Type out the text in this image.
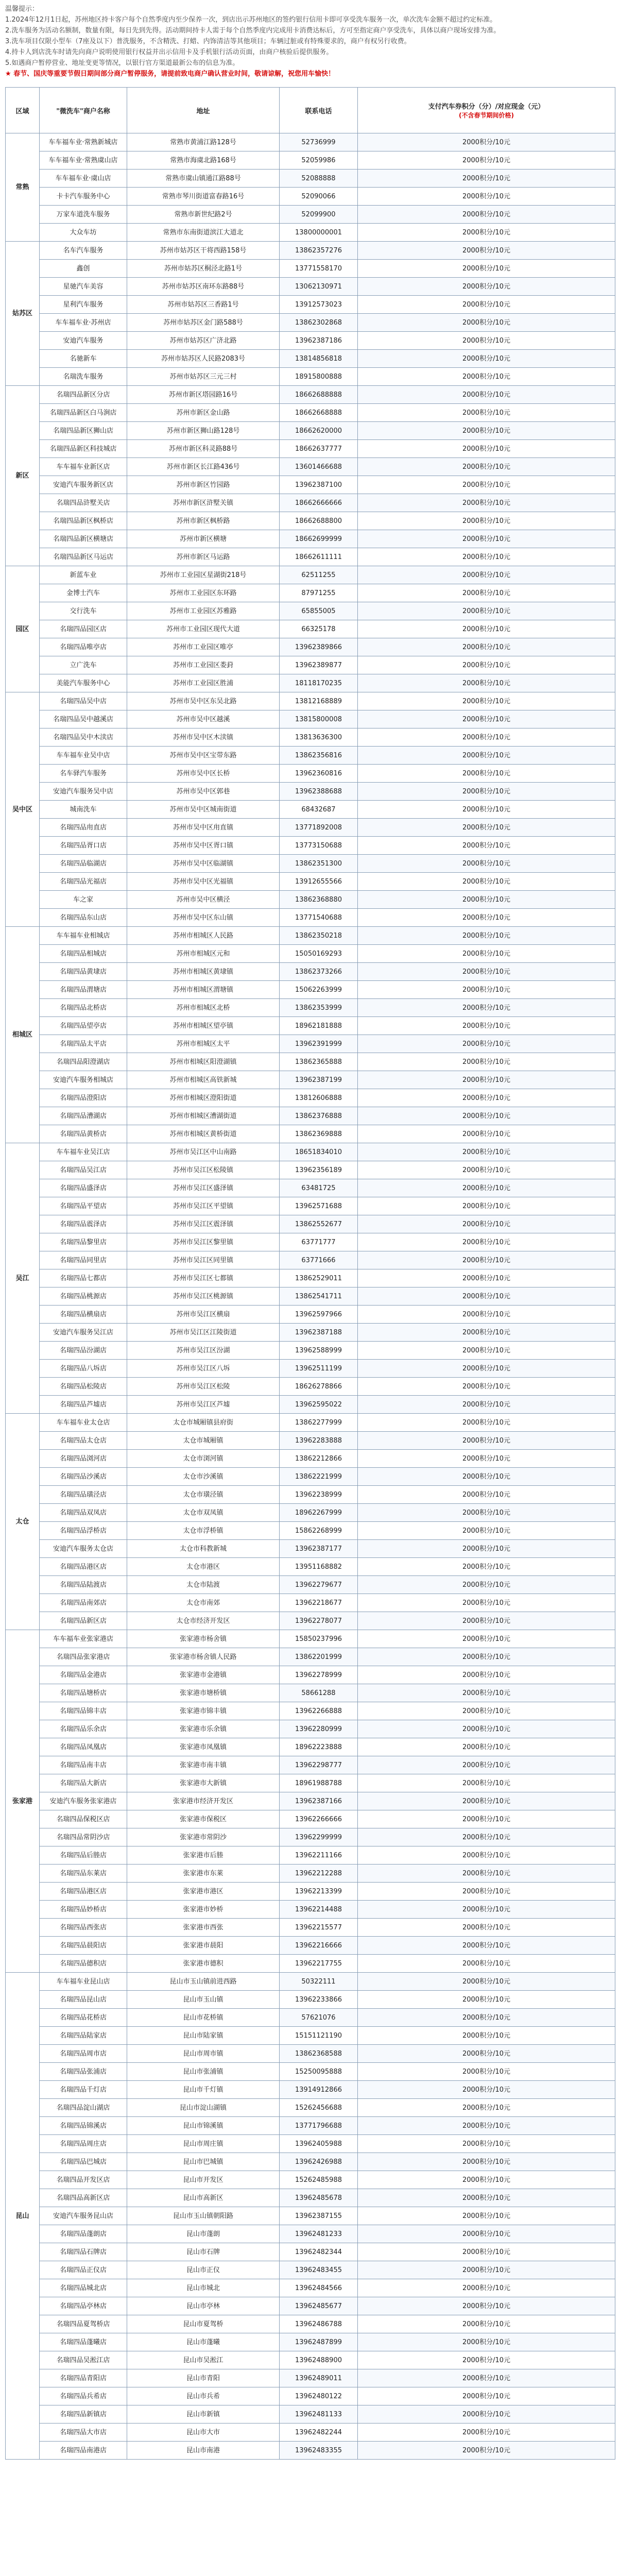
温馨提示：

1.2024年12月1日起，苏州地区持卡客户每个自然季度内至少保养一次，到店出示苏州地区的签约银行信用卡即可享受洗车服务一次，单次洗车金额不超过约定标准。

2.洗车服务为活动名额制，数量有限，每日先到先得。活动期间持卡人需于每个自然季度内完成用卡消费达标后，方可至指定商户享受洗车，具体以商户现场安排为准。

3.洗车项目仅限小型车（7座及以下）普洗服务，不含精洗、打蜡、内饰清洁等其他项目；车辆过脏或有特殊要求的，商户有权另行收费。

4.持卡人到店洗车时请先向商户说明使用银行权益并出示信用卡及手机银行活动页面，由商户核验后提供服务。

5.如遇商户暂停营业、地址变更等情况，以银行官方渠道最新公布的信息为准。

★ 春节、国庆等重要节假日期间部分商户暂停服务，请提前致电商户确认营业时间，敬请谅解，祝您用车愉快！

区域	"微洗车"商户名称	地址	联系电话	支付汽车券积分（分）/对应现金（元）
(不含春节期间价格)

常熟	车车福车业·常熟新城店	常熟市黄浦江路128号	52736999	2000积分/10元
	车车福车业·常熟虞山店	常熟市海虞北路168号	52059986	2000积分/10元
	车车福车业·虞山店	常熟市虞山镇通江路88号	52088888	2000积分/10元
	卡卡汽车服务中心	常熟市琴川街道富春路16号	52090066	2000积分/10元
	万家车道洗车服务	常熟市新世纪路2号	52099900	2000积分/10元
	大众车坊	常熟市东南街道滨江大道北	13800000001	2000积分/10元
姑苏区	名车汽车服务	苏州市姑苏区干将西路158号	13862357276	2000积分/10元
	鑫创	苏州市姑苏区桐泾北路1号	13771558170	2000积分/10元
	星驰汽车美容	苏州市姑苏区南环东路88号	13062130971	2000积分/10元
	星利汽车服务	苏州市姑苏区三香路1号	13912573023	2000积分/10元
	车车福车业·苏州店	苏州市姑苏区金门路588号	13862302868	2000积分/10元
	安迪汽车服务	苏州市姑苏区广济北路	13962387186	2000积分/10元
	名驰新车	苏州市姑苏区人民路2083号	13814856818	2000积分/10元
	名瑞洗车服务	苏州市姑苏区三元三村	18915800888	2000积分/10元
新区	名瑞四品新区分店	苏州市新区塔园路16号	18662688888	2000积分/10元
	名瑞四品新区白马涧店	苏州市新区金山路	18662668888	2000积分/10元
	名瑞四品新区狮山店	苏州市新区狮山路128号	18662620000	2000积分/10元
	名瑞四品新区科技城店	苏州市新区科灵路88号	18662637777	2000积分/10元
	车车福车业新区店	苏州市新区长江路436号	13601466688	2000积分/10元
	安迪汽车服务新区店	苏州市新区竹园路	13962387100	2000积分/10元
	名瑞四品浒墅关店	苏州市新区浒墅关镇	18662666666	2000积分/10元
	名瑞四品新区枫桥店	苏州市新区枫桥路	18662688800	2000积分/10元
	名瑞四品新区横塘店	苏州市新区横塘	18662699999	2000积分/10元
	名瑞四品新区马运店	苏州市新区马运路	18662611111	2000积分/10元
园区	新蓝车业	苏州市工业园区星湖街218号	62511255	2000积分/10元
	金博士汽车	苏州市工业园区东环路	87971255	2000积分/10元
	交行洗车	苏州市工业园区苏雅路	65855005	2000积分/10元
	名瑞四品园区店	苏州市工业园区现代大道	66325178	2000积分/10元
	名瑞四品唯亭店	苏州市工业园区唯亭	13962389866	2000积分/10元
	立广洗车	苏州市工业园区娄葑	13962389877	2000积分/10元
	美能汽车服务中心	苏州市工业园区胜浦	18118170235	2000积分/10元
吴中区	名瑞四品吴中店	苏州市吴中区东吴北路	13812168889	2000积分/10元
	名瑞四品吴中越溪店	苏州市吴中区越溪	13815800008	2000积分/10元
	名瑞四品吴中木渎店	苏州市吴中区木渎镇	13813636300	2000积分/10元
	车车福车业吴中店	苏州市吴中区宝带东路	13862356816	2000积分/10元
	名车驿汽车服务	苏州市吴中区长桥	13962360816	2000积分/10元
	安迪汽车服务吴中店	苏州市吴中区郭巷	13962388688	2000积分/10元
	城南洗车	苏州市吴中区城南街道	68432687	2000积分/10元
	名瑞四品甪直店	苏州市吴中区甪直镇	13771892008	2000积分/10元
	名瑞四品胥口店	苏州市吴中区胥口镇	13773150688	2000积分/10元
	名瑞四品临湖店	苏州市吴中区临湖镇	13862351300	2000积分/10元
	名瑞四品光福店	苏州市吴中区光福镇	13912655566	2000积分/10元
	车之家	苏州市吴中区横泾	13862368880	2000积分/10元
	名瑞四品东山店	苏州市吴中区东山镇	13771540688	2000积分/10元
相城区	车车福车业相城店	苏州市相城区人民路	13862350218	2000积分/10元
	名瑞四品相城店	苏州市相城区元和	15050169293	2000积分/10元
	名瑞四品黄埭店	苏州市相城区黄埭镇	13862373266	2000积分/10元
	名瑞四品渭塘店	苏州市相城区渭塘镇	15062263999	2000积分/10元
	名瑞四品北桥店	苏州市相城区北桥	13862353999	2000积分/10元
	名瑞四品望亭店	苏州市相城区望亭镇	18962181888	2000积分/10元
	名瑞四品太平店	苏州市相城区太平	13962391999	2000积分/10元
	名瑞四品阳澄湖店	苏州市相城区阳澄湖镇	13862365888	2000积分/10元
	安迪汽车服务相城店	苏州市相城区高铁新城	13962387199	2000积分/10元
	名瑞四品澄阳店	苏州市相城区澄阳街道	13812606888	2000积分/10元
	名瑞四品漕湖店	苏州市相城区漕湖街道	13862376888	2000积分/10元
	名瑞四品黄桥店	苏州市相城区黄桥街道	13862369888	2000积分/10元
吴江	车车福车业吴江店	苏州市吴江区中山南路	18651834010	2000积分/10元
	名瑞四品吴江店	苏州市吴江区松陵镇	13962356189	2000积分/10元
	名瑞四品盛泽店	苏州市吴江区盛泽镇	63481725	2000积分/10元
	名瑞四品平望店	苏州市吴江区平望镇	13962571688	2000积分/10元
	名瑞四品震泽店	苏州市吴江区震泽镇	13862552677	2000积分/10元
	名瑞四品黎里店	苏州市吴江区黎里镇	63771777	2000积分/10元
	名瑞四品同里店	苏州市吴江区同里镇	63771666	2000积分/10元
	名瑞四品七都店	苏州市吴江区七都镇	13862529011	2000积分/10元
	名瑞四品桃源店	苏州市吴江区桃源镇	13862541711	2000积分/10元
	名瑞四品横扇店	苏州市吴江区横扇	13962597966	2000积分/10元
	安迪汽车服务吴江店	苏州市吴江区江陵街道	13962387188	2000积分/10元
	名瑞四品汾湖店	苏州市吴江区汾湖	13962588999	2000积分/10元
	名瑞四品八坼店	苏州市吴江区八坼	13962511199	2000积分/10元
	名瑞四品松陵店	苏州市吴江区松陵	18626278866	2000积分/10元
	名瑞四品芦墟店	苏州市吴江区芦墟	13962595022	2000积分/10元
太仓	车车福车业太仓店	太仓市城厢镇县府街	13862277999	2000积分/10元
	名瑞四品太仓店	太仓市城厢镇	13962283888	2000积分/10元
	名瑞四品浏河店	太仓市浏河镇	13862212866	2000积分/10元
	名瑞四品沙溪店	太仓市沙溪镇	13862221999	2000积分/10元
	名瑞四品璜泾店	太仓市璜泾镇	13962238999	2000积分/10元
	名瑞四品双凤店	太仓市双凤镇	18962267999	2000积分/10元
	名瑞四品浮桥店	太仓市浮桥镇	15862268999	2000积分/10元
	安迪汽车服务太仓店	太仓市科教新城	13962387177	2000积分/10元
	名瑞四品港区店	太仓市港区	13951168882	2000积分/10元
	名瑞四品陆渡店	太仓市陆渡	13962279677	2000积分/10元
	名瑞四品南郊店	太仓市南郊	13962218677	2000积分/10元
	名瑞四品新区店	太仓市经济开发区	13962278077	2000积分/10元
张家港	车车福车业张家港店	张家港市杨舍镇	15850237996	2000积分/10元
	名瑞四品张家港店	张家港市杨舍镇人民路	13862201999	2000积分/10元
	名瑞四品金港店	张家港市金港镇	13962278999	2000积分/10元
	名瑞四品塘桥店	张家港市塘桥镇	58661288	2000积分/10元
	名瑞四品锦丰店	张家港市锦丰镇	13962266888	2000积分/10元
	名瑞四品乐余店	张家港市乐余镇	13962280999	2000积分/10元
	名瑞四品凤凰店	张家港市凤凰镇	18962223888	2000积分/10元
	名瑞四品南丰店	张家港市南丰镇	13962298777	2000积分/10元
	名瑞四品大新店	张家港市大新镇	18961988788	2000积分/10元
	安迪汽车服务张家港店	张家港市经济开发区	13962387166	2000积分/10元
	名瑞四品保税区店	张家港市保税区	13962266666	2000积分/10元
	名瑞四品常阴沙店	张家港市常阴沙	13962299999	2000积分/10元
	名瑞四品后塍店	张家港市后塍	13962211166	2000积分/10元
	名瑞四品东莱店	张家港市东莱	13962212288	2000积分/10元
	名瑞四品港区店	张家港市港区	13962213399	2000积分/10元
	名瑞四品妙桥店	张家港市妙桥	13962214488	2000积分/10元
	名瑞四品西张店	张家港市西张	13962215577	2000积分/10元
	名瑞四品晨阳店	张家港市晨阳	13962216666	2000积分/10元
	名瑞四品德积店	张家港市德积	13962217755	2000积分/10元
昆山	车车福车业昆山店	昆山市玉山镇前进西路	50322111	2000积分/10元
	名瑞四品昆山店	昆山市玉山镇	13962233866	2000积分/10元
	名瑞四品花桥店	昆山市花桥镇	57621076	2000积分/10元
	名瑞四品陆家店	昆山市陆家镇	15151121190	2000积分/10元
	名瑞四品周市店	昆山市周市镇	13862368588	2000积分/10元
	名瑞四品张浦店	昆山市张浦镇	15250095888	2000积分/10元
	名瑞四品千灯店	昆山市千灯镇	13914912866	2000积分/10元
	名瑞四品淀山湖店	昆山市淀山湖镇	15262456688	2000积分/10元
	名瑞四品锦溪店	昆山市锦溪镇	13771796688	2000积分/10元
	名瑞四品周庄店	昆山市周庄镇	13962405988	2000积分/10元
	名瑞四品巴城店	昆山市巴城镇	13962426988	2000积分/10元
	名瑞四品开发区店	昆山市开发区	15262485988	2000积分/10元
	名瑞四品高新区店	昆山市高新区	13962485678	2000积分/10元
	安迪汽车服务昆山店	昆山市玉山镇朝阳路	13962387155	2000积分/10元
	名瑞四品蓬朗店	昆山市蓬朗	13962481233	2000积分/10元
	名瑞四品石牌店	昆山市石牌	13962482344	2000积分/10元
	名瑞四品正仪店	昆山市正仪	13962483455	2000积分/10元
	名瑞四品城北店	昆山市城北	13962484566	2000积分/10元
	名瑞四品亭林店	昆山市亭林	13962485677	2000积分/10元
	名瑞四品夏驾桥店	昆山市夏驾桥	13962486788	2000积分/10元
	名瑞四品蓬曦店	昆山市蓬曦	13962487899	2000积分/10元
	名瑞四品吴淞江店	昆山市吴淞江	13962488900	2000积分/10元
	名瑞四品青阳店	昆山市青阳	13962489011	2000积分/10元
	名瑞四品兵希店	昆山市兵希	13962480122	2000积分/10元
	名瑞四品新镇店	昆山市新镇	13962481133	2000积分/10元
	名瑞四品大市店	昆山市大市	13962482244	2000积分/10元
	名瑞四品南港店	昆山市南港	13962483355	2000积分/10元
